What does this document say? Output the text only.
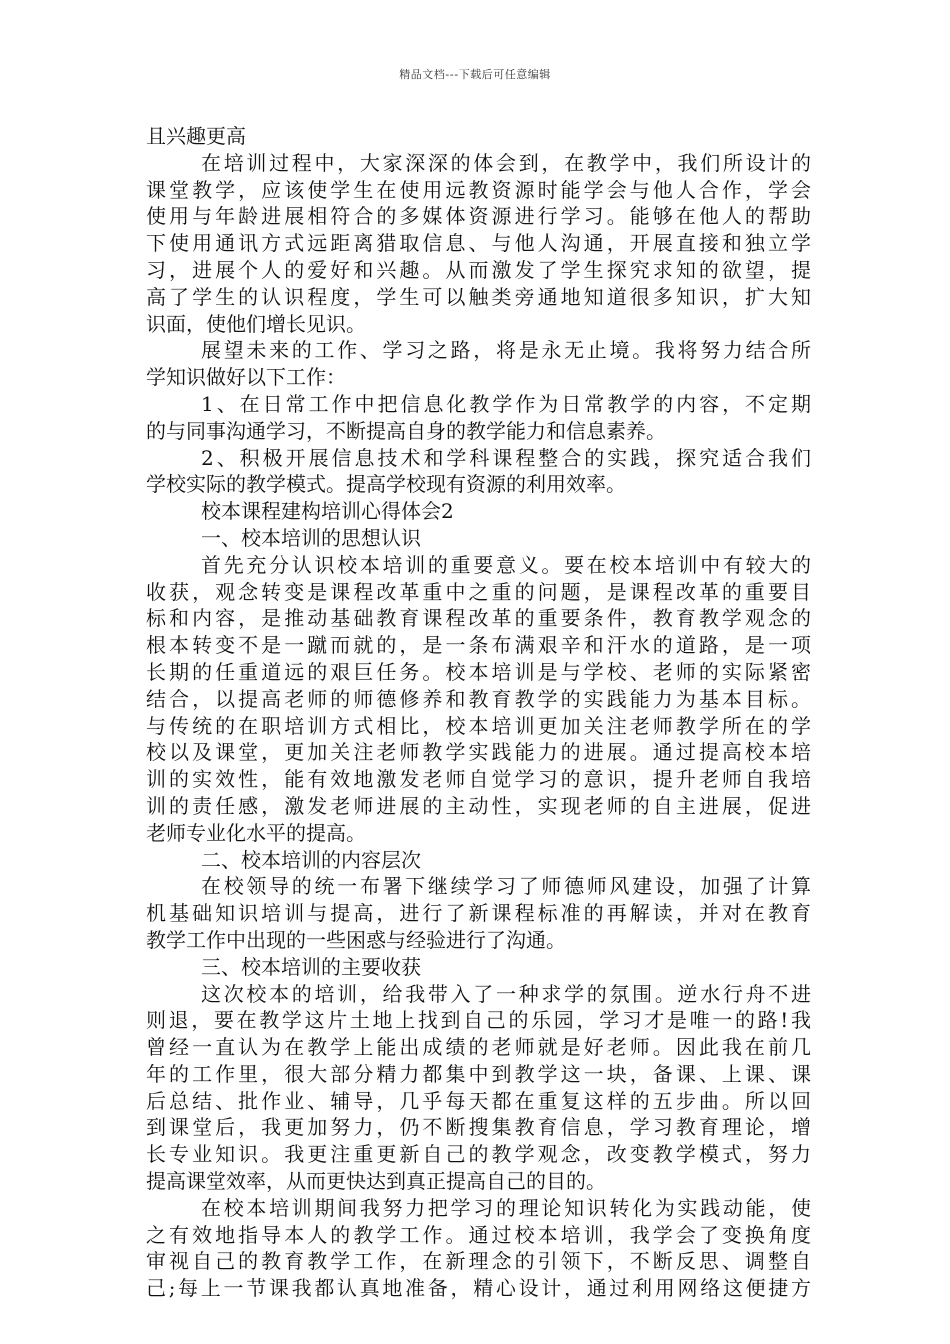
精品文档---下载后可任意编辑
且兴趣更高
在培训过程中，大家深深的体会到，在教学中，我们所设计的
课堂教学，应该使学生在使用远教资源时能学会与他人合作，学会
使用与年龄进展相符合的多媒体资源进行学习。能够在他人的帮助
下使用通讯方式远距离猎取信息、与他人沟通，开展直接和独立学
习，进展个人的爱好和兴趣。从而激发了学生探究求知的欲望，提
高了学生的认识程度，学生可以触类旁通地知道很多知识，扩大知
识面，使他们增长见识。
展望未来的工作、学习之路，将是永无止境。我将努力结合所
学知识做好以下工作：
1、在日常工作中把信息化教学作为日常教学的内容，不定期
的与同事沟通学习，不断提高自身的教学能力和信息素养。
2、积极开展信息技术和学科课程整合的实践，探究适合我们
学校实际的教学模式。提高学校现有资源的利用效率。
校本课程建构培训心得体会2
一、校本培训的思想认识
首先充分认识校本培训的重要意义。要在校本培训中有较大的
收获，观念转变是课程改革重中之重的问题，是课程改革的重要目
标和内容，是推动基础教育课程改革的重要条件，教育教学观念的
根本转变不是一蹴而就的，是一条布满艰辛和汗水的道路，是一项
长期的任重道远的艰巨任务。校本培训是与学校、老师的实际紧密
结合，以提高老师的师德修养和教育教学的实践能力为基本目标。
与传统的在职培训方式相比，校本培训更加关注老师教学所在的学
校以及课堂，更加关注老师教学实践能力的进展。通过提高校本培
训的实效性，能有效地激发老师自觉学习的意识，提升老师自我培
训的责任感，激发老师进展的主动性，实现老师的自主进展，促进
老师专业化水平的提高。
二、校本培训的内容层次
在校领导的统一布署下继续学习了师德师风建设，加强了计算
机基础知识培训与提高，进行了新课程标准的再解读，并对在教育
教学工作中出现的一些困惑与经验进行了沟通。
三、校本培训的主要收获
这次校本的培训，给我带入了一种求学的氛围。逆水行舟不进
则退，要在教学这片土地上找到自己的乐园，学习才是唯一的路!我
曾经一直认为在教学上能出成绩的老师就是好老师。因此我在前几
年的工作里，很大部分精力都集中到教学这一块，备课、上课、课
后总结、批作业、辅导，几乎每天都在重复这样的五步曲。所以回
到课堂后，我更加努力，仍不断搜集教育信息，学习教育理论，增
长专业知识。我更注重更新自己的教学观念，改变教学模式，努力
提高课堂效率，从而更快达到真正提高自己的目的。
在校本培训期间我努力把学习的理论知识转化为实践动能，使
之有效地指导本人的教学工作。通过校本培训，我学会了变换角度
审视自己的教育教学工作，在新理念的引领下，不断反思、调整自
己;每上一节课我都认真地准备，精心设计，通过利用网络这便捷方
